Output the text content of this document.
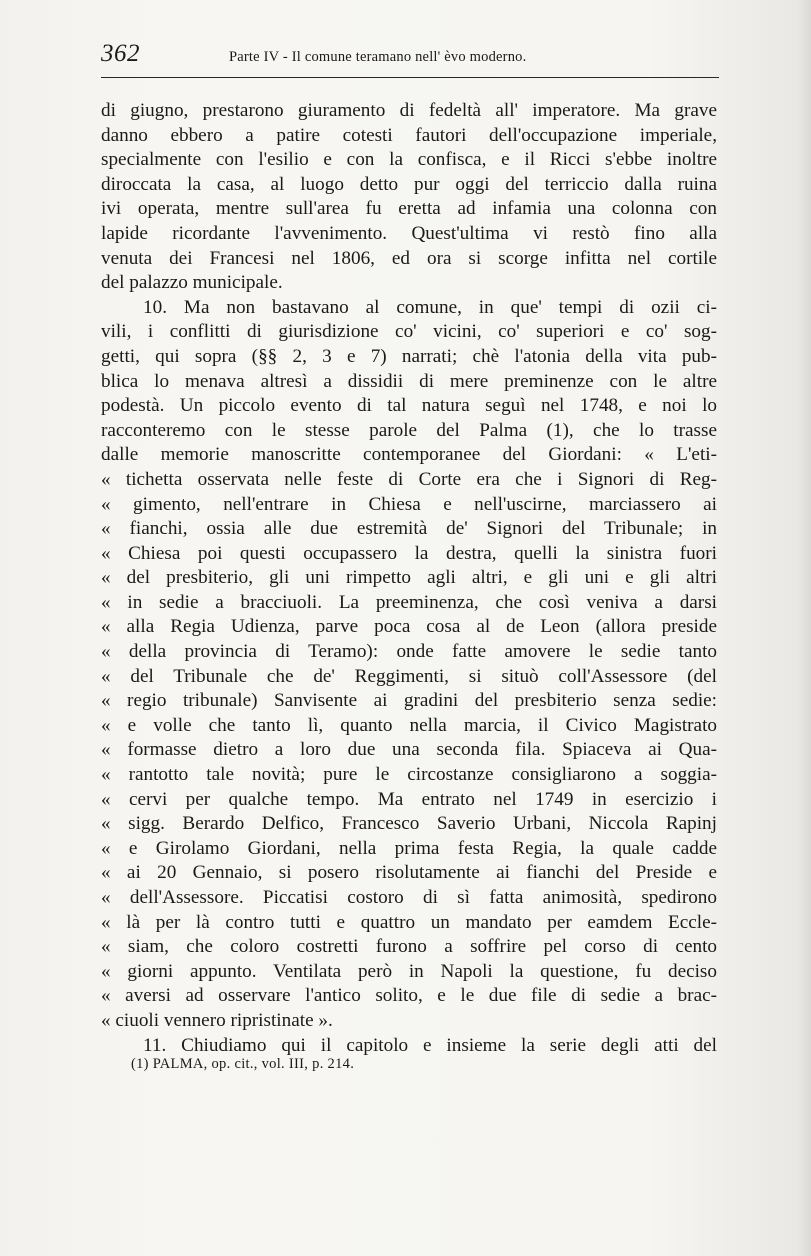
362	Parte IV - Il comune teramano nell' èvo moderno.
di giugno, prestarono giuramento di fedeltà all' imperatore. Ma grave
danno ebbero a patire cotesti fautori dell'occupazione imperiale,
specialmente con l'esilio e con la confisca, e il Ricci s'ebbe inoltre
diroccata la casa, al luogo detto pur oggi del terriccio dalla ruina
ivi operata, mentre sull'area fu eretta ad infamia una colonna con
lapide ricordante l'avvenimento. Quest'ultima vi restò fino alla
venuta dei Francesi nel 1806, ed ora si scorge infitta nel cortile
del palazzo municipale.
10. Ma non bastavano al comune, in que' tempi di ozii ci-
vili, i conflitti di giurisdizione co' vicini, co' superiori e co' sog-
getti, qui sopra (§§ 2, 3 e 7) narrati; chè l'atonia della vita pub-
blica lo menava altresì a dissidii di mere preminenze con le altre
podestà. Un piccolo evento di tal natura seguì nel 1748, e noi lo
racconteremo con le stesse parole del Palma (1), che lo trasse
dalle memorie manoscritte contemporanee del Giordani: « L'eti-
« tichetta osservata nelle feste di Corte era che i Signori di Reg-
« gimento, nell'entrare in Chiesa e nell'uscirne, marciassero ai
« fianchi, ossia alle due estremità de' Signori del Tribunale; in
« Chiesa poi questi occupassero la destra, quelli la sinistra fuori
« del presbiterio, gli uni rimpetto agli altri, e gli uni e gli altri
« in sedie a bracciuoli. La preeminenza, che così veniva a darsi
« alla Regia Udienza, parve poca cosa al de Leon (allora preside
« della provincia di Teramo): onde fatte amovere le sedie tanto
« del Tribunale che de' Reggimenti, si situò coll'Assessore (del
« regio tribunale) Sanvisente ai gradini del presbiterio senza sedie:
« e volle che tanto lì, quanto nella marcia, il Civico Magistrato
« formasse dietro a loro due una seconda fila. Spiaceva ai Qua-
« rantotto tale novità; pure le circostanze consigliarono a soggia-
« cervi per qualche tempo. Ma entrato nel 1749 in esercizio i
« sigg. Berardo Delfico, Francesco Saverio Urbani, Niccola Rapinj
« e Girolamo Giordani, nella prima festa Regia, la quale cadde
« ai 20 Gennaio, si posero risolutamente ai fianchi del Preside e
« dell'Assessore. Piccatisi costoro di sì fatta animosità, spedirono
« là per là contro tutti e quattro un mandato per eamdem Eccle-
« siam, che coloro costretti furono a soffrire pel corso di cento
« giorni appunto. Ventilata però in Napoli la questione, fu deciso
« aversi ad osservare l'antico solito, e le due file di sedie a brac-
« ciuoli vennero ripristinate ».
11. Chiudiamo qui il capitolo e insieme la serie degli atti del
(1) PALMA, op. cit., vol. III, p. 214.
